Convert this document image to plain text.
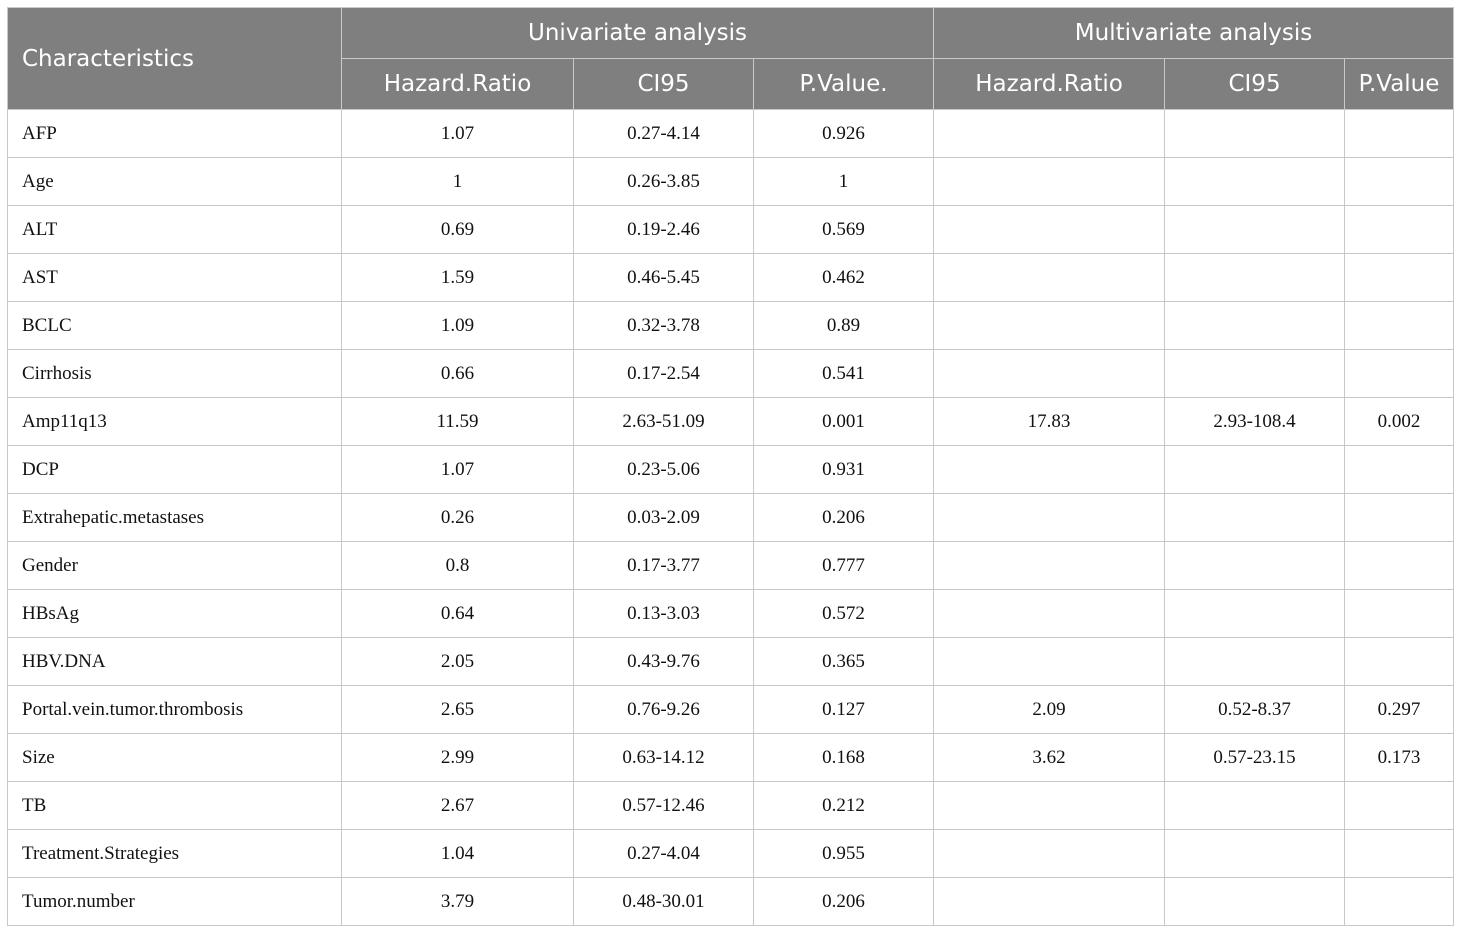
Characteristics	Univariate analysis			Multivariate analysis		
	Hazard.Ratio	CI95	P.Value.	Hazard.Ratio	CI95	P.Value
AFP	1.07	0.27-4.14	0.926			
Age	1	0.26-3.85	1			
ALT	0.69	0.19-2.46	0.569			
AST	1.59	0.46-5.45	0.462			
BCLC	1.09	0.32-3.78	0.89			
Cirrhosis	0.66	0.17-2.54	0.541			
Amp11q13	11.59	2.63-51.09	0.001	17.83	2.93-108.4	0.002
DCP	1.07	0.23-5.06	0.931			
Extrahepatic.metastases	0.26	0.03-2.09	0.206			
Gender	0.8	0.17-3.77	0.777			
HBsAg	0.64	0.13-3.03	0.572			
HBV.DNA	2.05	0.43-9.76	0.365			
Portal.vein.tumor.thrombosis	2.65	0.76-9.26	0.127	2.09	0.52-8.37	0.297
Size	2.99	0.63-14.12	0.168	3.62	0.57-23.15	0.173
TB	2.67	0.57-12.46	0.212			
Treatment.Strategies	1.04	0.27-4.04	0.955			
Tumor.number	3.79	0.48-30.01	0.206			
